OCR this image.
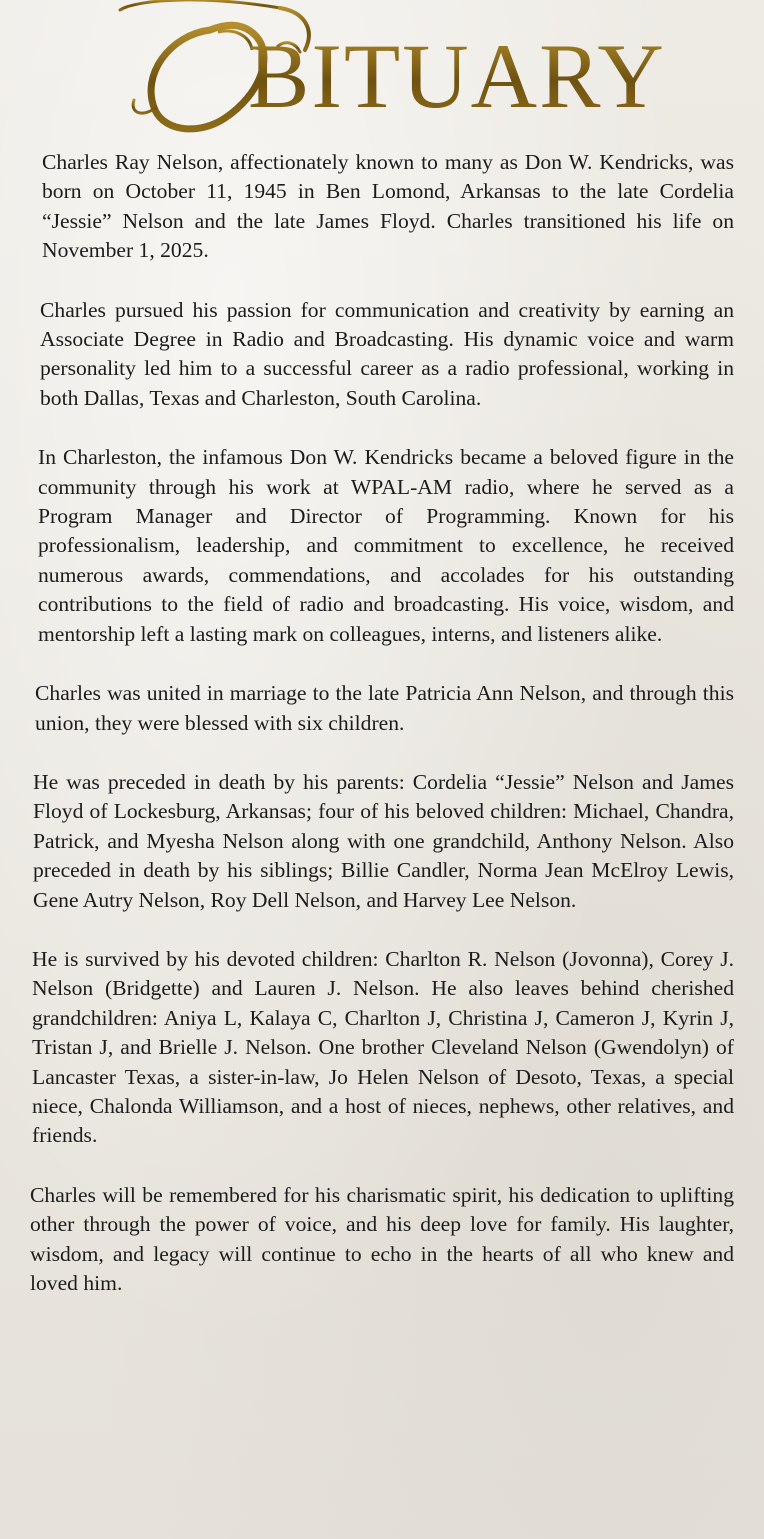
BITUARY

Charles Ray Nelson, affectionately known to many as Don W. Kendricks, was born on October 11, 1945 in Ben Lomond, Arkansas to the late Cordelia “Jessie” Nelson and the late James Floyd. Charles transitioned his life on November 1, 2025.

Charles pursued his passion for communication and creativity by earning an Associate Degree in Radio and Broadcasting. His dynamic voice and warm personality led him to a successful career as a radio professional, working in both Dallas, Texas and Charleston, South Carolina.

In Charleston, the infamous Don W. Kendricks became a beloved figure in the community through his work at WPAL-AM radio, where he served as a Program Manager and Director of Programming. Known for his professionalism, leadership, and commitment to excellence, he received numerous awards, commendations, and accolades for his outstanding contributions to the field of radio and broadcasting. His voice, wisdom, and mentorship left a lasting mark on colleagues, interns, and listeners alike.

Charles was united in marriage to the late Patricia Ann Nelson, and through this union, they were blessed with six children.

He was preceded in death by his parents: Cordelia “Jessie” Nelson and James Floyd of Lockesburg, Arkansas; four of his beloved children: Michael, Chandra, Patrick, and Myesha Nelson along with one grandchild, Anthony Nelson. Also preceded in death by his siblings; Billie Candler, Norma Jean McElroy Lewis, Gene Autry Nelson, Roy Dell Nelson, and Harvey Lee Nelson.

He is survived by his devoted children: Charlton R. Nelson (Jovonna), Corey J. Nelson (Bridgette) and Lauren J. Nelson. He also leaves behind cherished grandchildren: Aniya L, Kalaya C, Charlton J, Christina J, Cameron J, Kyrin J, Tristan J, and Brielle J. Nelson. One brother Cleveland Nelson (Gwendolyn) of Lancaster Texas, a sister-in-law, Jo Helen Nelson of Desoto, Texas, a special niece, Chalonda Williamson, and a host of nieces, nephews, other relatives, and friends.

Charles will be remembered for his charismatic spirit, his dedication to uplifting other through the power of voice, and his deep love for family. His laughter, wisdom, and legacy will continue to echo in the hearts of all who knew and loved him.
